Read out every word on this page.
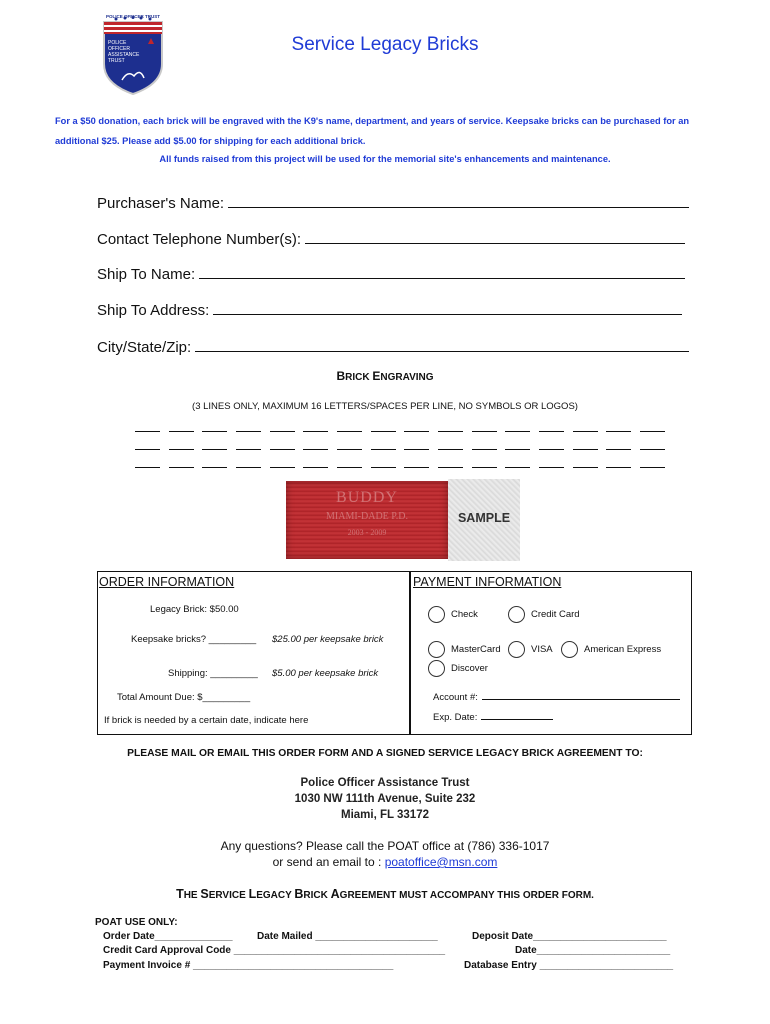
POLICE
OFFICER
ASSISTANCE
TRUST
POLICE OFFICER TRUST
Service Legacy Bricks
For a $50 donation, each brick will be engraved with the K9's name, department, and years of service. Keepsake bricks can be purchased for an additional $25. Please add $5.00 for shipping for each additional brick.
All funds raised from this project will be used for the memorial site's enhancements and maintenance.
Purchaser's Name:
Contact Telephone Number(s):
Ship To Name:
Ship To Address:
City/State/Zip:
BRICK ENGRAVING
(3 LINES ONLY, MAXIMUM 16 LETTERS/SPACES PER LINE, NO SYMBOLS OR LOGOS)
BUDDY
MIAMI-DADE P.D.
2003 - 2009
SAMPLE
ORDER INFORMATION
Legacy Brick: $50.00
Keepsake bricks? _________ $25.00 per keepsake brick
Shipping: _________ $5.00 per keepsake brick
Total Amount Due: $_________
If brick is needed by a certain date, indicate here
PAYMENT INFORMATION
Check	Credit Card
MasterCard	VISA	American Express
Discover
Account #:
Exp. Date:
PLEASE MAIL OR EMAIL THIS ORDER FORM AND A SIGNED SERVICE LEGACY BRICK AGREEMENT TO:
Police Officer Assistance Trust
1030 NW 111th Avenue, Suite 232
Miami, FL 33172
Any questions? Please call the POAT office at (786) 336-1017
or send an email to : poatoffice@msn.com
THE SERVICE LEGACY BRICK AGREEMENT MUST ACCOMPANY THIS ORDER FORM.
POAT USE ONLY:
Order Date______________ Date Mailed ______________________	Deposit Date________________________
Credit Card Approval Code ______________________________________	Date________________________
Payment Invoice # ____________________________________	Database Entry ________________________
